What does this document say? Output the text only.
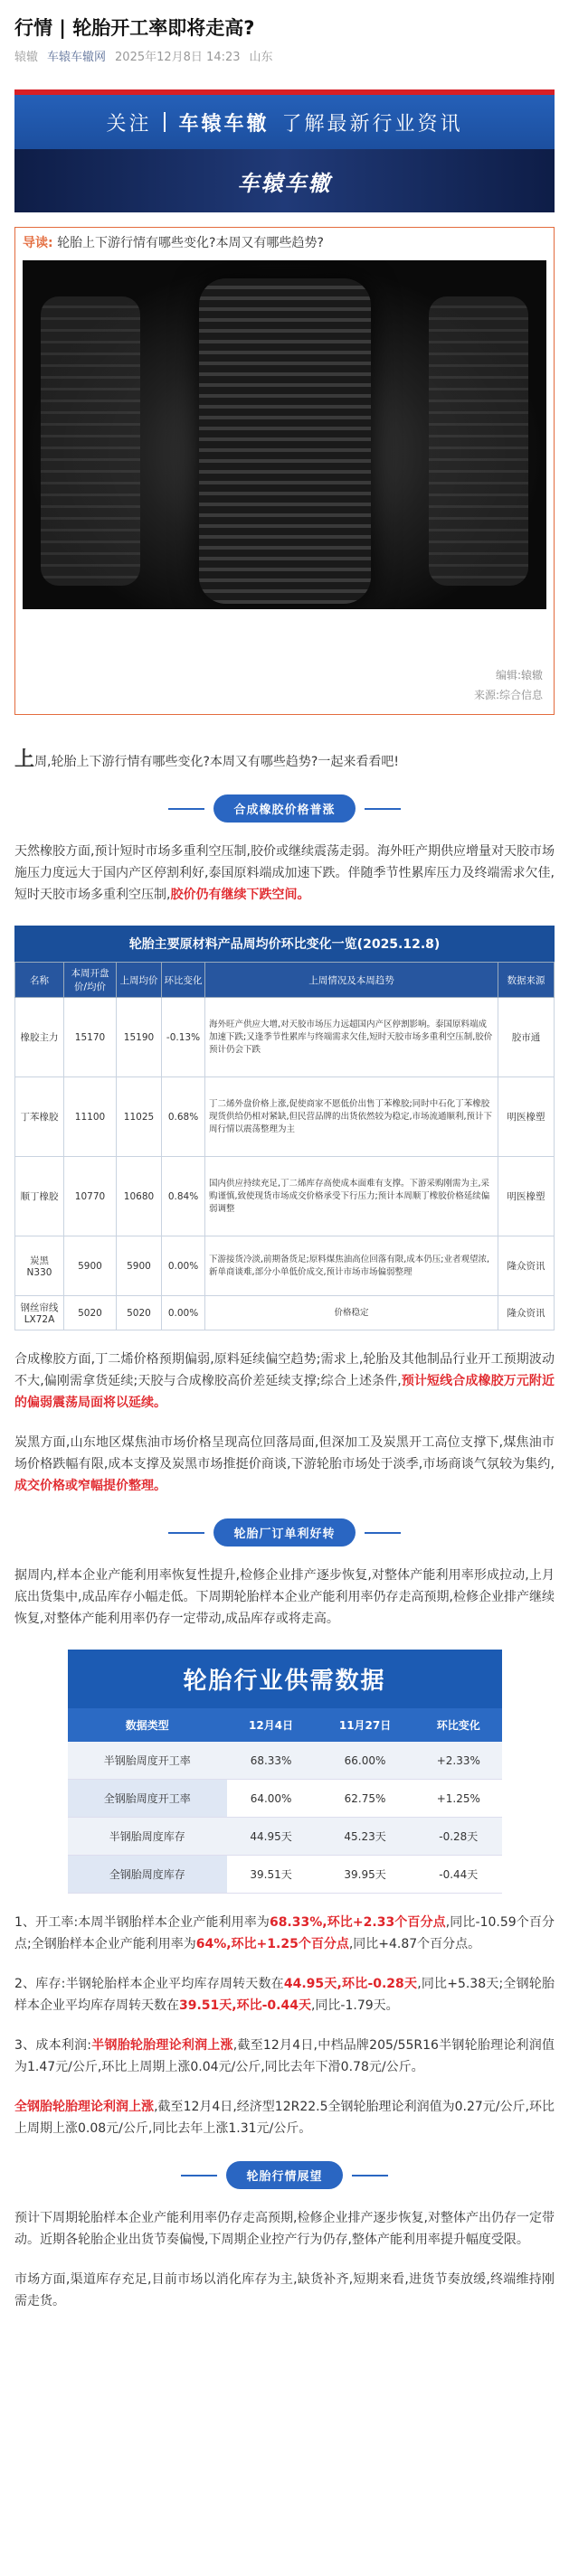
行情 | 轮胎开工率即将走高?
辕辙 车辕车辙网 2025年12月8日 14:23 山东
关注 车辕车辙 了解最新行业资讯
车辕车辙
导读: 轮胎上下游行情有哪些变化?本周又有哪些趋势?
编辑:辕辙
来源:综合信息

上周,轮胎上下游行情有哪些变化?本周又有哪些趋势?一起来看看吧!

合成橡胶价格普涨

天然橡胶方面,预计短时市场多重利空压制,胶价或继续震荡走弱。海外旺产期供应增量对天胶市场施压力度远大于国内产区停割利好,泰国原料端成加速下跌。伴随季节性累库压力及终端需求欠佳,短时天胶市场多重利空压制,胶价仍有继续下跌空间。

轮胎主要原材料产品周均价环比变化一览(2025.12.8)
名称	本周开盘价/均价	上周均价	环比变化	上周情况及本周趋势	数据来源
橡胶主力	15170	15190	-0.13%	海外旺产供应大增,对天胶市场压力远超国内产区停割影响。泰国原料端成加速下跌;又逢季节性累库与终端需求欠佳,短时天胶市场多重利空压制,胶价预计仍会下跌	胶市通
丁苯橡胶	11100	11025	0.68%	丁二烯外盘价格上涨,促使商家不愿低价出售丁苯橡胶;同时中石化丁苯橡胶现货供给仍相对紧缺,但民营品牌的出货依然较为稳定,市场流通顺利,预计下周行情以震荡整理为主	明医橡塑
顺丁橡胶	10770	10680	0.84%	国内供应持续充足,丁二烯库存高使成本面难有支撑。下游采购刚需为主,采购谨慎,致使现货市场成交价格承受下行压力;预计本周顺丁橡胶价格延续偏弱调整	明医橡塑
炭黑N330	5900	5900	0.00%	下游接货冷淡,前期备货足;原料煤焦油高位回落有限,成本仍压;业者观望浓,新单商谈难,部分小单低价成交,预计市场市场偏弱整理	隆众资讯
钢丝帘线LX72A	5020	5020	0.00%	价格稳定	隆众资讯

合成橡胶方面,丁二烯价格预期偏弱,原料延续偏空趋势;需求上,轮胎及其他制品行业开工预期波动不大,偏刚需拿货延续;天胶与合成橡胶高价差延续支撑;综合上述条件,预计短线合成橡胶万元附近的偏弱震荡局面将以延续。

炭黑方面,山东地区煤焦油市场价格呈现高位回落局面,但深加工及炭黑开工高位支撑下,煤焦油市场价格跌幅有限,成本支撑及炭黑市场推挺价商谈,下游轮胎市场处于淡季,市场商谈气氛较为集约,成交价格或窄幅提价整理。

轮胎厂订单利好转

据周内,样本企业产能利用率恢复性提升,检修企业排产逐步恢复,对整体产能利用率形成拉动,上月底出货集中,成品库存小幅走低。下周期轮胎样本企业产能利用率仍存走高预期,检修企业排产继续恢复,对整体产能利用率仍存一定带动,成品库存或将走高。

轮胎行业供需数据
数据类型	12月4日	11月27日	环比变化
半钢胎周度开工率	68.33%	66.00%	+2.33%
全钢胎周度开工率	64.00%	62.75%	+1.25%
半钢胎周度库存	44.95天	45.23天	-0.28天
全钢胎周度库存	39.51天	39.95天	-0.44天

1、开工率:本周半钢胎样本企业产能利用率为68.33%,环比+2.33个百分点,同比-10.59个百分点;全钢胎样本企业产能利用率为64%,环比+1.25个百分点,同比+4.87个百分点。

2、库存:半钢轮胎样本企业平均库存周转天数在44.95天,环比-0.28天,同比+5.38天;全钢轮胎样本企业平均库存周转天数在39.51天,环比-0.44天,同比-1.79天。

3、成本利润:半钢胎轮胎理论利润上涨,截至12月4日,中档品牌205/55R16半钢轮胎理论利润值为1.47元/公斤,环比上周期上涨0.04元/公斤,同比去年下滑0.78元/公斤。

全钢胎轮胎理论利润上涨,截至12月4日,经济型12R22.5全钢轮胎理论利润值为0.27元/公斤,环比上周期上涨0.08元/公斤,同比去年上涨1.31元/公斤。

轮胎行情展望

预计下周期轮胎样本企业产能利用率仍存走高预期,检修企业排产逐步恢复,对整体产出仍存一定带动。近期各轮胎企业出货节奏偏慢,下周期企业控产行为仍存,整体产能利用率提升幅度受限。

市场方面,渠道库存充足,目前市场以消化库存为主,缺货补齐,短期来看,进货节奏放缓,终端维持刚需走货。
